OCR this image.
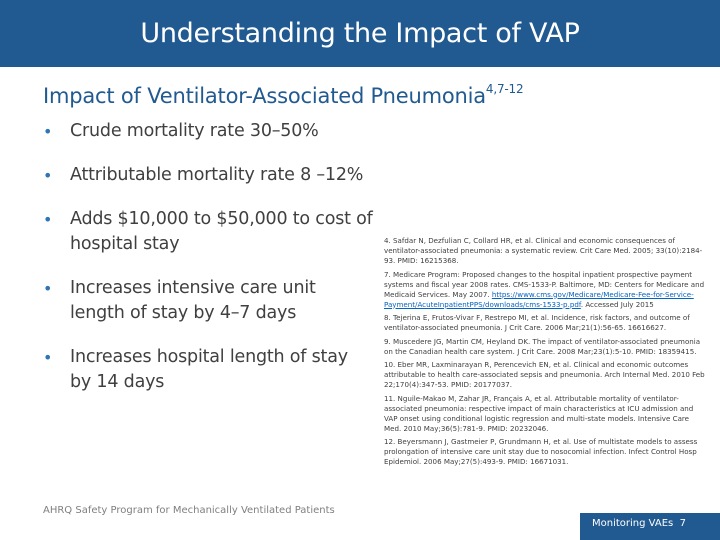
Understanding the Impact of VAP
Impact of Ventilator-Associated Pneumonia$^{4,7-12}$
• Crude mortality rate 30–50%
• Attributable mortality rate 8 –12%
• Adds $10,000 to $50,000 to cost of hospital stay
• Increases intensive care unit length of stay by 4–7 days
• Increases hospital length of stay by 14 days

4. Safdar N, Dezfulian C, Collard HR, et al. Clinical and economic consequences of ventilator-associated pneumonia: a systematic review. Crit Care Med. 2005; 33(10):2184-93. PMID: 16215368.

7. Medicare Program: Proposed changes to the hospital inpatient prospective payment systems and fiscal year 2008 rates. CMS-1533-P. Baltimore, MD: Centers for Medicare and Medicaid Services. May 2007. https://www.cms.gov/Medicare/Medicare-Fee-for-Service-Payment/AcuteInpatientPPS/downloads/cms-1533-p.pdf. Accessed July 2015

8. Tejerina E, Frutos-Vivar F, Restrepo MI, et al. Incidence, risk factors, and outcome of ventilator-associated pneumonia. J Crit Care. 2006 Mar;21(1):56-65. 16616627.

9. Muscedere JG, Martin CM, Heyland DK. The impact of ventilator-associated pneumonia on the Canadian health care system. J Crit Care. 2008 Mar;23(1):5-10. PMID: 18359415.

10. Eber MR, Laxminarayan R, Perencevich EN, et al. Clinical and economic outcomes attributable to health care-associated sepsis and pneumonia. Arch Internal Med. 2010 Feb 22;170(4):347-53. PMID: 20177037.

11. Nguile-Makao M, Zahar JR, Français A, et al. Attributable mortality of ventilator-associated pneumonia: respective impact of main characteristics at ICU admission and VAP onset using conditional logistic regression and multi-state models. Intensive Care Med. 2010 May;36(5):781-9. PMID: 20232046.

12. Beyersmann J, Gastmeier P, Grundmann H, et al. Use of multistate models to assess prolongation of intensive care unit stay due to nosocomial infection. Infect Control Hosp Epidemiol. 2006 May;27(5):493-9. PMID: 16671031.

AHRQ Safety Program for Mechanically Ventilated Patients
Monitoring VAEs 7
